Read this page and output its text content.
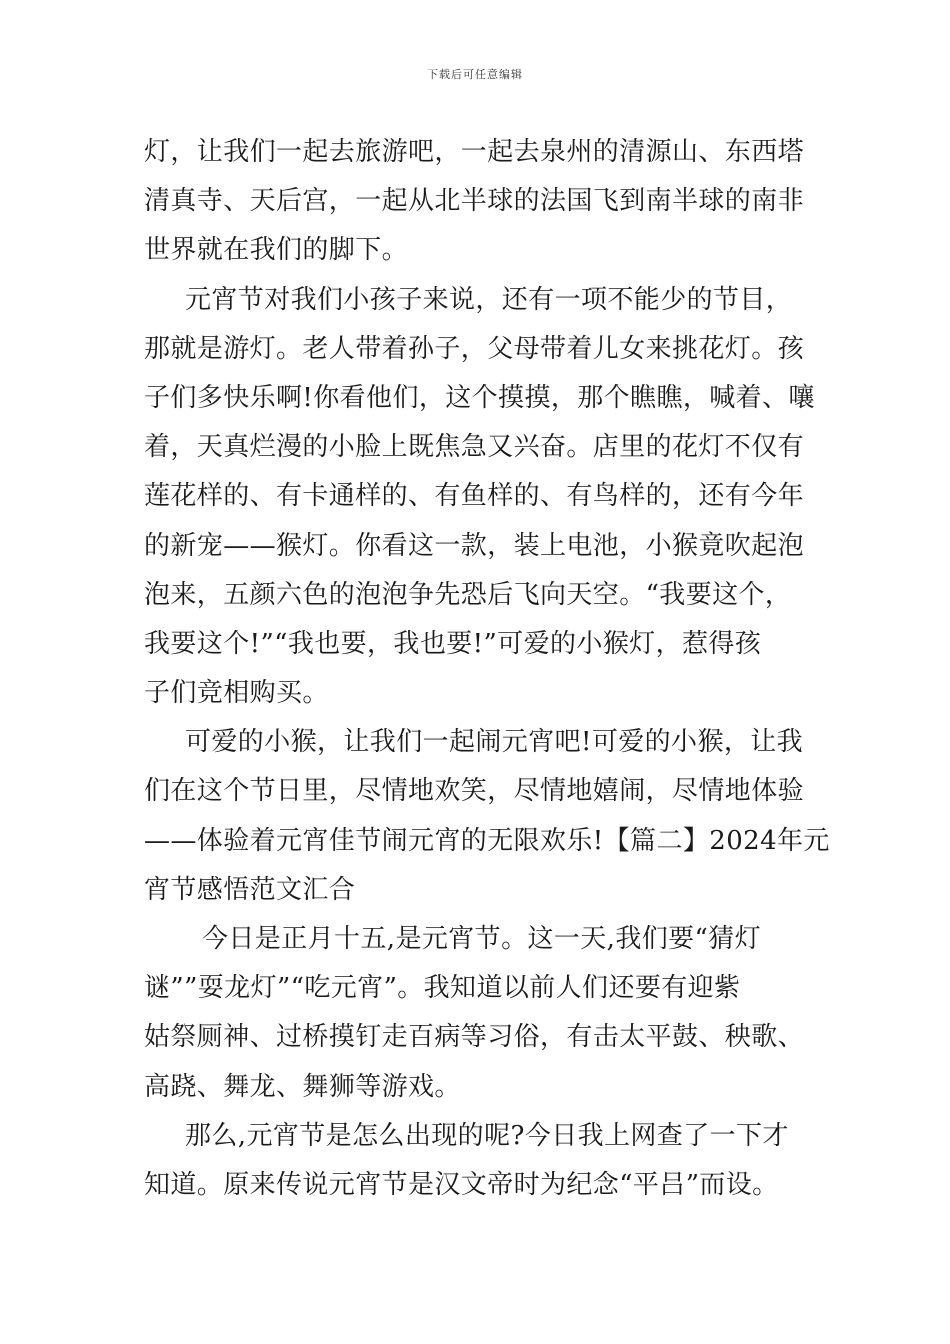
下载后可任意编辑
灯，让我们一起去旅游吧，一起去泉州的清源山、东西塔
清真寺、天后宫，一起从北半球的法国飞到南半球的南非
世界就在我们的脚下。
元宵节对我们小孩子来说，还有一项不能少的节目，
那就是游灯。老人带着孙子，父母带着儿女来挑花灯。孩
子们多快乐啊!你看他们，这个摸摸，那个瞧瞧，喊着、嚷
着，天真烂漫的小脸上既焦急又兴奋。店里的花灯不仅有
莲花样的、有卡通样的、有鱼样的、有鸟样的，还有今年
的新宠——猴灯。你看这一款，装上电池，小猴竟吹起泡
泡来，五颜六色的泡泡争先恐后飞向天空。“我要这个，
我要这个!”“我也要，我也要!”可爱的小猴灯，惹得孩
子们竞相购买。
可爱的小猴，让我们一起闹元宵吧!可爱的小猴，让我
们在这个节日里，尽情地欢笑，尽情地嬉闹，尽情地体验
——体验着元宵佳节闹元宵的无限欢乐!【篇二】2024年元
宵节感悟范文汇合
今日是正月十五,是元宵节。这一天,我们要“猜灯
谜””耍龙灯”“吃元宵”。我知道以前人们还要有迎紫
姑祭厕神、过桥摸钉走百病等习俗，有击太平鼓、秧歌、
高跷、舞龙、舞狮等游戏。
那么,元宵节是怎么出现的呢?今日我上网查了一下才
知道。原来传说元宵节是汉文帝时为纪念“平吕”而设。
